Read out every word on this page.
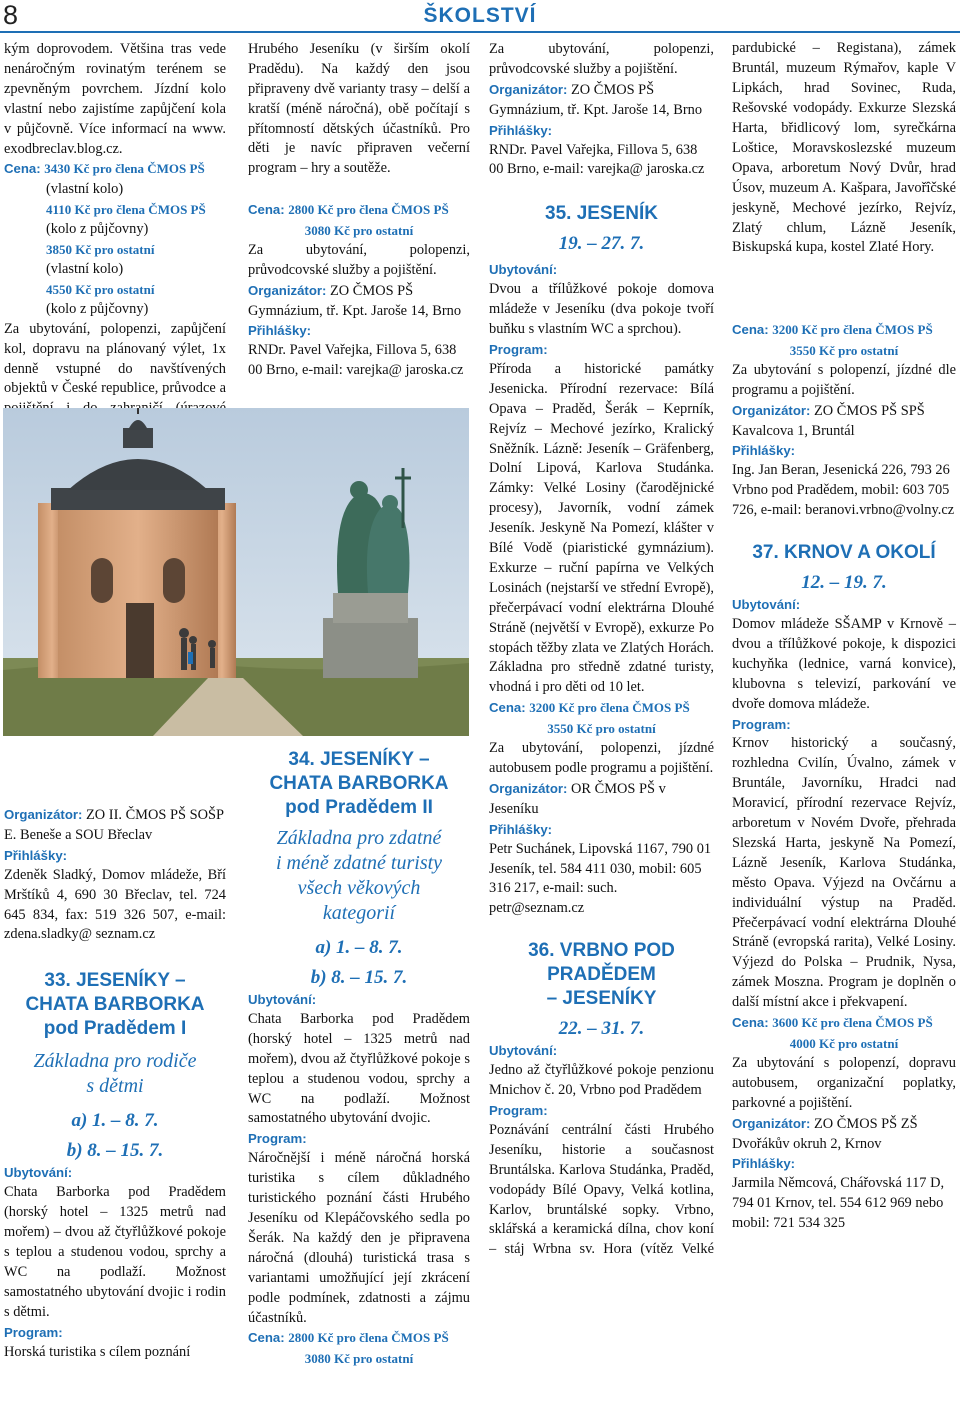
8	ŠKOLSTVÍ

kým doprovodem. Většina tras vede nenáročným rovinatým terénem se zpevněným povrchem. Jízdní kolo vlastní nebo zajistíme zapůjčení kola v půjčovně. Více informací na www. exodbreclav.blog.cz.

Cena: 3430 Kč pro člena ČMOS PŠ

(vlastní kolo)

4110 Kč pro člena ČMOS PŠ

(kolo z půjčovny)

3850 Kč pro ostatní

(vlastní kolo)

4550 Kč pro ostatní

(kolo z půjčovny)

Za ubytování, polopenzi, zapůjčení kol, dopravu na plánovaný výlet, 1x denně vstupné do navštívených objektů v České republice, průvodce a

Organizátor: ZO II. ČMOS PŠ SOŠP E. Beneše a SOU Břeclav

Přihlášky:

Zdeněk Sladký, Domov mládeže, Bří Mrštíků 4, 690 30 Břeclav, tel. 724 645 834, fax: 519 326 507, e-mail: zdena.sladky@ seznam.cz

33. JESENÍKY –

CHATA BARBORKA

pod Pradědem I

Základna pro rodiče

s dětmi

a) 1. – 8. 7.

b) 8. – 15. 7.

Ubytování:

Chata Barborka pod Pradědem (horský hotel – 1325 metrů nad mořem) – dvou až čtyřlůžkové pokoje s teplou a studenou vodou, sprchy a WC na podlaží. Možnost samostatného ubytování dvojic i rodin s dětmi.

Program:

Horská turistika s cílem poznání

Hrubého Jeseníku (v širším okolí Pradědu). Na každý den jsou připraveny dvě varianty trasy – delší a kratší (méně náročná), obě počítají s přítomností dětských účastníků. Pro děti je navíc připraven večerní program – hry a soutěže.

Cena: 2800 Kč pro člena ČMOS PŠ

3080 Kč pro ostatní

Za ubytování, polopenzi, průvodcovské služby a pojištění.

Organizátor: ZO ČMOS PŠ Gymnázium, tř. Kpt. Jaroše 14, Brno

Přihlášky:

RNDr. Pavel Vařejka, Fillova 5, 638 00 Brno, e-mail: varejka@ jaroska.cz

34. JESENÍKY –

CHATA BARBORKA

pod Pradědem II

Základna pro zdatné

i méně zdatné turisty

všech věkových

kategorií

a) 1. – 8. 7.

b) 8. – 15. 7.

Ubytování:

Chata Barborka pod Pradědem (horský hotel – 1325 metrů nad mořem), dvou až čtyřlůžkové pokoje s teplou a studenou vodou, sprchy a WC na podlaží. Možnost samostatného ubytování dvojic.

Program:

Náročnější i méně náročná horská turistika s cílem důkladného turistického poznání části Hrubého Jeseníku od Klepáčovského sedla po Šerák. Na každý den je připravena náročná (dlouhá) turistická trasa s variantami umožňující její zkrácení podle podmínek, zdatnosti a zájmu účastníků.

Cena: 2800 Kč pro člena ČMOS PŠ

3080 Kč pro ostatní

Za ubytování, polopenzi, průvodcovské služby a pojištění.

Organizátor: ZO ČMOS PŠ Gymnázium, tř. Kpt. Jaroše 14, Brno

Přihlášky:

RNDr. Pavel Vařejka, Fillova 5, 638 00 Brno, e-mail: varejka@ jaroska.cz

35. JESENÍK

19. – 27. 7.

Ubytování:

Dvou a třílůžkové pokoje domova mládeže v Jeseníku (dva pokoje tvoří buňku s vlastním WC a sprchou).

Program:

Příroda a historické památky Jesenicka. Přírodní rezervace: Bílá Opava – Praděd, Šerák – Keprník, Rejvíz – Mechové jezírko, Kralický Sněžník. Lázně: Jeseník – Gräfenberg, Dolní Lipová, Karlova Studánka. Zámky: Velké Losiny (čarodějnické procesy), Javorník, vodní zámek Jeseník. Jeskyně Na Pomezí, klášter v Bílé Vodě (piaristické gymnázium). Exkurze – ruční papírna ve Velkých Losinách (nejstarší ve střední Evropě), přečerpávací vodní elektrárna Dlouhé Stráně (největší v Evropě), exkurze Po stopách těžby zlata ve Zlatých Horách. Základna pro středně zdatné turisty, vhodná i pro děti od 10 let.

Cena: 3200 Kč pro člena ČMOS PŠ

3550 Kč pro ostatní

Za ubytování, polopenzi, jízdné autobusem podle programu a pojištění.

Organizátor: OR ČMOS PŠ v Jeseníku

Přihlášky:

Petr Suchánek, Lipovská 1167, 790 01 Jeseník, tel. 584 411 030, mobil: 605 316 217, e-mail: such. petr@seznam.cz

36. VRBNO POD

PRADĚDEM

– JESENÍKY

22. – 31. 7.

Ubytování:

Jedno až čtyřlůžkové pokoje penzionu Mnichov č. 20, Vrbno pod Pradědem

Program:

Poznávání centrální části Hrubého Jeseníku, historie a současnost Bruntálska. Karlova Studánka, Praděd, vodopády Bílé Opavy, Velká kotlina, Karlov, bruntálské sopky. Vrbno, sklářská a keramická dílna, chov koní – stáj Wrbna sv. Hora (vítěz Velké

pardubické – Registana), zámek Bruntál, muzeum Rýmařov, kaple V Lipkách, hrad Sovinec, Ruda, Rešovské vodopády. Exkurze Slezská Harta, břidlicový lom, syrečkárna Loštice, Moravskoslezské muzeum Opava, arboretum Nový Dvůr, hrad Úsov, muzeum A. Kašpara, Javořîčské jeskyně, Mechové jezírko, Rejvíz, Zlatý chlum, Lázně Jeseník, Biskupská kupa, kostel Zlaté Hory.

Cena: 3200 Kč pro člena ČMOS PŠ

3550 Kč pro ostatní

Za ubytování s polopenzí, jízdné dle programu a pojištění.

Organizátor: ZO ČMOS PŠ SPŠ Kavalcova 1, Bruntál

Přihlášky:

Ing. Jan Beran, Jesenická 226, 793 26 Vrbno pod Pradědem, mobil: 603 705 726, e-mail: beranovi.vrbno@volny.cz

37. KRNOV A OKOLÍ

12. – 19. 7.

Ubytování:

Domov mládeže SŠAMP v Krnově – dvou a třílůžkové pokoje, k dispozici kuchyňka (lednice, varná konvice), klubovna s televizí, parkování ve dvoře domova mládeže.

Program:

Krnov historický a současný, rozhledna Cvilín, Úvalno, zámek v Bruntále, Javorníku, Hradci nad Moravicí, přírodní rezervace Rejvíz, arboretum v Novém Dvoře, přehrada Slezská Harta, jeskyně Na Pomezí, Lázně Jeseník, Karlova Studánka, město Opava. Výjezd na Ovčárnu a individuální výstup na Praděd. Přečerpávací vodní elektrárna Dlouhé Stráně (evropská rarita), Velké Losiny. Výjezd do Polska – Prudnik, Nysa, zámek Moszna. Program je doplněn o další místní akce i překvapení.

Cena: 3600 Kč pro člena ČMOS PŠ

4000 Kč pro ostatní

Za ubytování s polopenzí, dopravu autobusem, organizační poplatky, parkovné a pojištění.

Organizátor: ZO ČMOS PŠ ZŠ Dvořákův okruh 2, Krnov

Přihlášky:

Jarmila Němcová, Chářovská 117 D, 794 01 Krnov, tel. 554 612 969 nebo mobil: 721 534 325
